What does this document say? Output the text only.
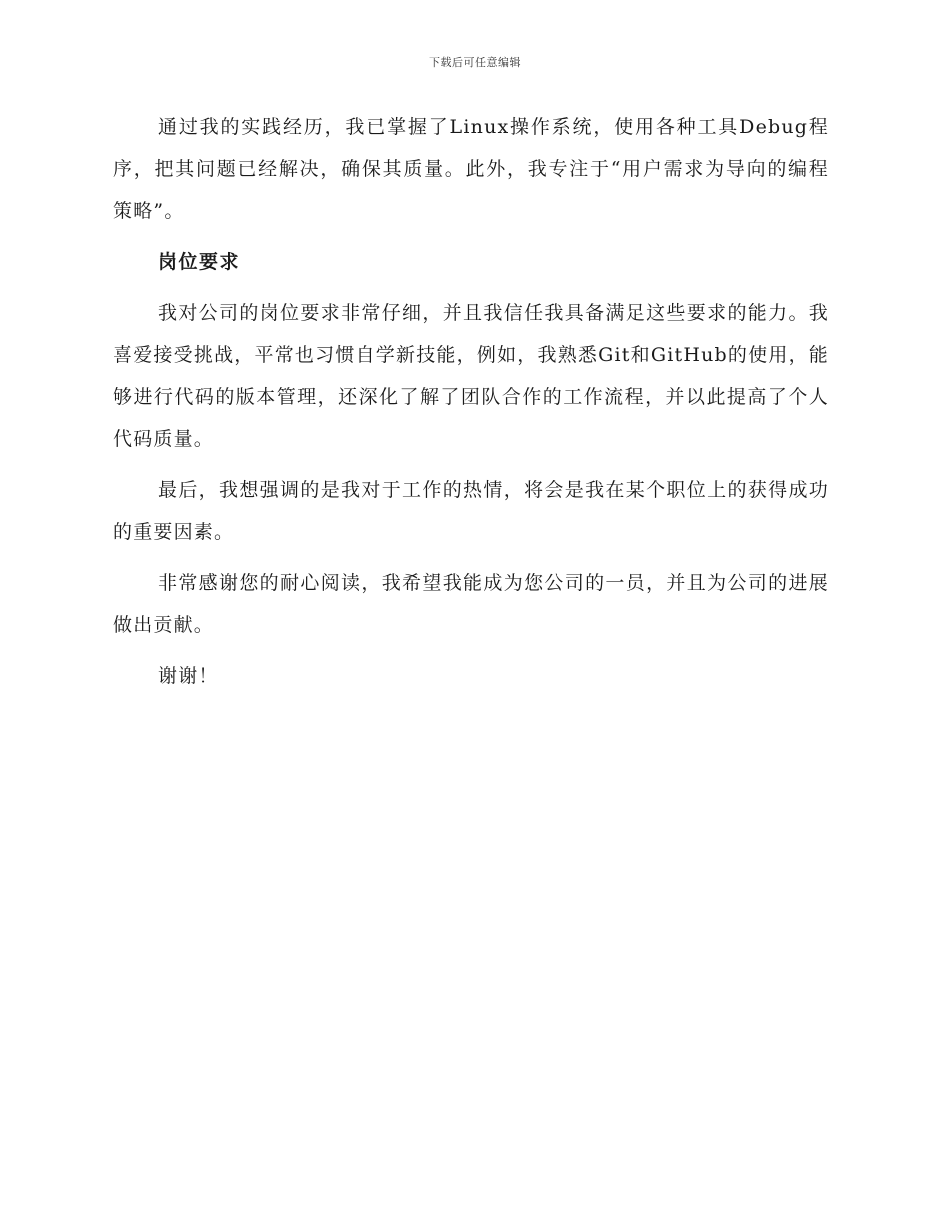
下载后可任意编辑

通过我的实践经历，我已掌握了Linux操作系统，使用各种工具Debug程序，把其问题已经解决，确保其质量。此外，我专注于“用户需求为导向的编程策略”。

岗位要求

我对公司的岗位要求非常仔细，并且我信任我具备满足这些要求的能力。我喜爱接受挑战，平常也习惯自学新技能，例如，我熟悉Git和GitHub的使用，能够进行代码的版本管理，还深化了解了团队合作的工作流程，并以此提高了个人代码质量。

最后，我想强调的是我对于工作的热情，将会是我在某个职位上的获得成功的重要因素。

非常感谢您的耐心阅读，我希望我能成为您公司的一员，并且为公司的进展做出贡献。

谢谢！
